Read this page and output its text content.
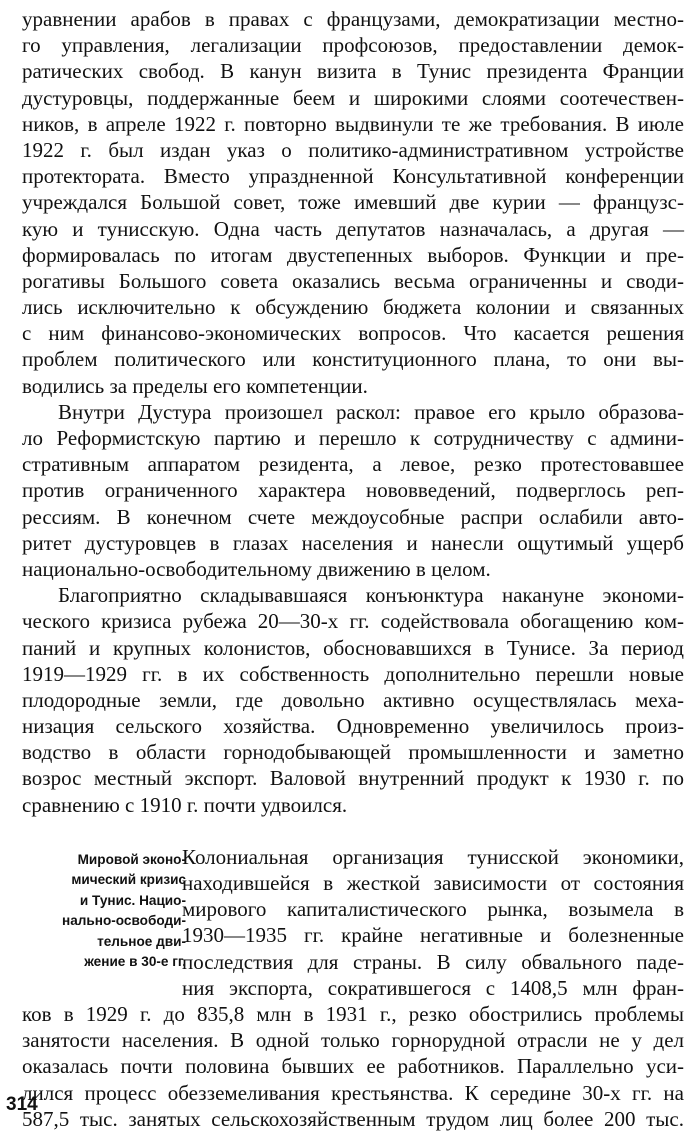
уравнении арабов в правах с французами, демократизации местно-
го управления, легализации профсоюзов, предоставлении демок-
ратических свобод. В канун визита в Тунис президента Франции
дустуровцы, поддержанные беем и широкими слоями соотечествен-
ников, в апреле 1922 г. повторно выдвинули те же требования. В июле
1922 г. был издан указ о политико-административном устройстве
протектората. Вместо упраздненной Консультативной конференции
учреждался Большой совет, тоже имевший две курии — французс-
кую и тунисскую. Одна часть депутатов назначалась, а другая —
формировалась по итогам двустепенных выборов. Функции и пре-
рогативы Большого совета оказались весьма ограниченны и своди-
лись исключительно к обсуждению бюджета колонии и связанных
с ним финансово-экономических вопросов. Что касается решения
проблем политического или конституционного плана, то они вы-
водились за пределы его компетенции.
Внутри Дустура произошел раскол: правое его крыло образова-
ло Реформистскую партию и перешло к сотрудничеству с админи-
стративным аппаратом резидента, а левое, резко протестовавшее
против ограниченного характера нововведений, подверглось реп-
рессиям. В конечном счете междоусобные распри ослабили авто-
ритет дустуровцев в глазах населения и нанесли ощутимый ущерб
национально-освободительному движению в целом.
Благоприятно складывавшаяся конъюнктура накануне экономи-
ческого кризиса рубежа 20—30-х гг. содействовала обогащению ком-
паний и крупных колонистов, обосновавшихся в Тунисе. За период
1919—1929 гг. в их собственность дополнительно перешли новые
плодородные земли, где довольно активно осуществлялась меха-
низация сельского хозяйства. Одновременно увеличилось произ-
водство в области горнодобывающей промышленности и заметно
возрос местный экспорт. Валовой внутренний продукт к 1930 г. по
сравнению с 1910 г. почти удвоился.
Мировой эконо-
мический кризис
и Тунис. Нацио-
нально-освободи-
тельное дви-
жение в 30-е гг.
Колониальная организация тунисской экономики,
находившейся в жесткой зависимости от состояния
мирового капиталистического рынка, возымела в
1930—1935 гг. крайне негативные и болезненные
последствия для страны. В силу обвального паде-
ния экспорта, сократившегося с 1408,5 млн фран-
ков в 1929 г. до 835,8 млн в 1931 г., резко обострились проблемы
занятости населения. В одной только горнорудной отрасли не у дел
оказалась почти половина бывших ее работников. Параллельно уси-
лился процесс обезземеливания крестьянства. К середине 30-х гг. на
587,5 тыс. занятых сельскохозяйственным трудом лиц более 200 тыс.
314
